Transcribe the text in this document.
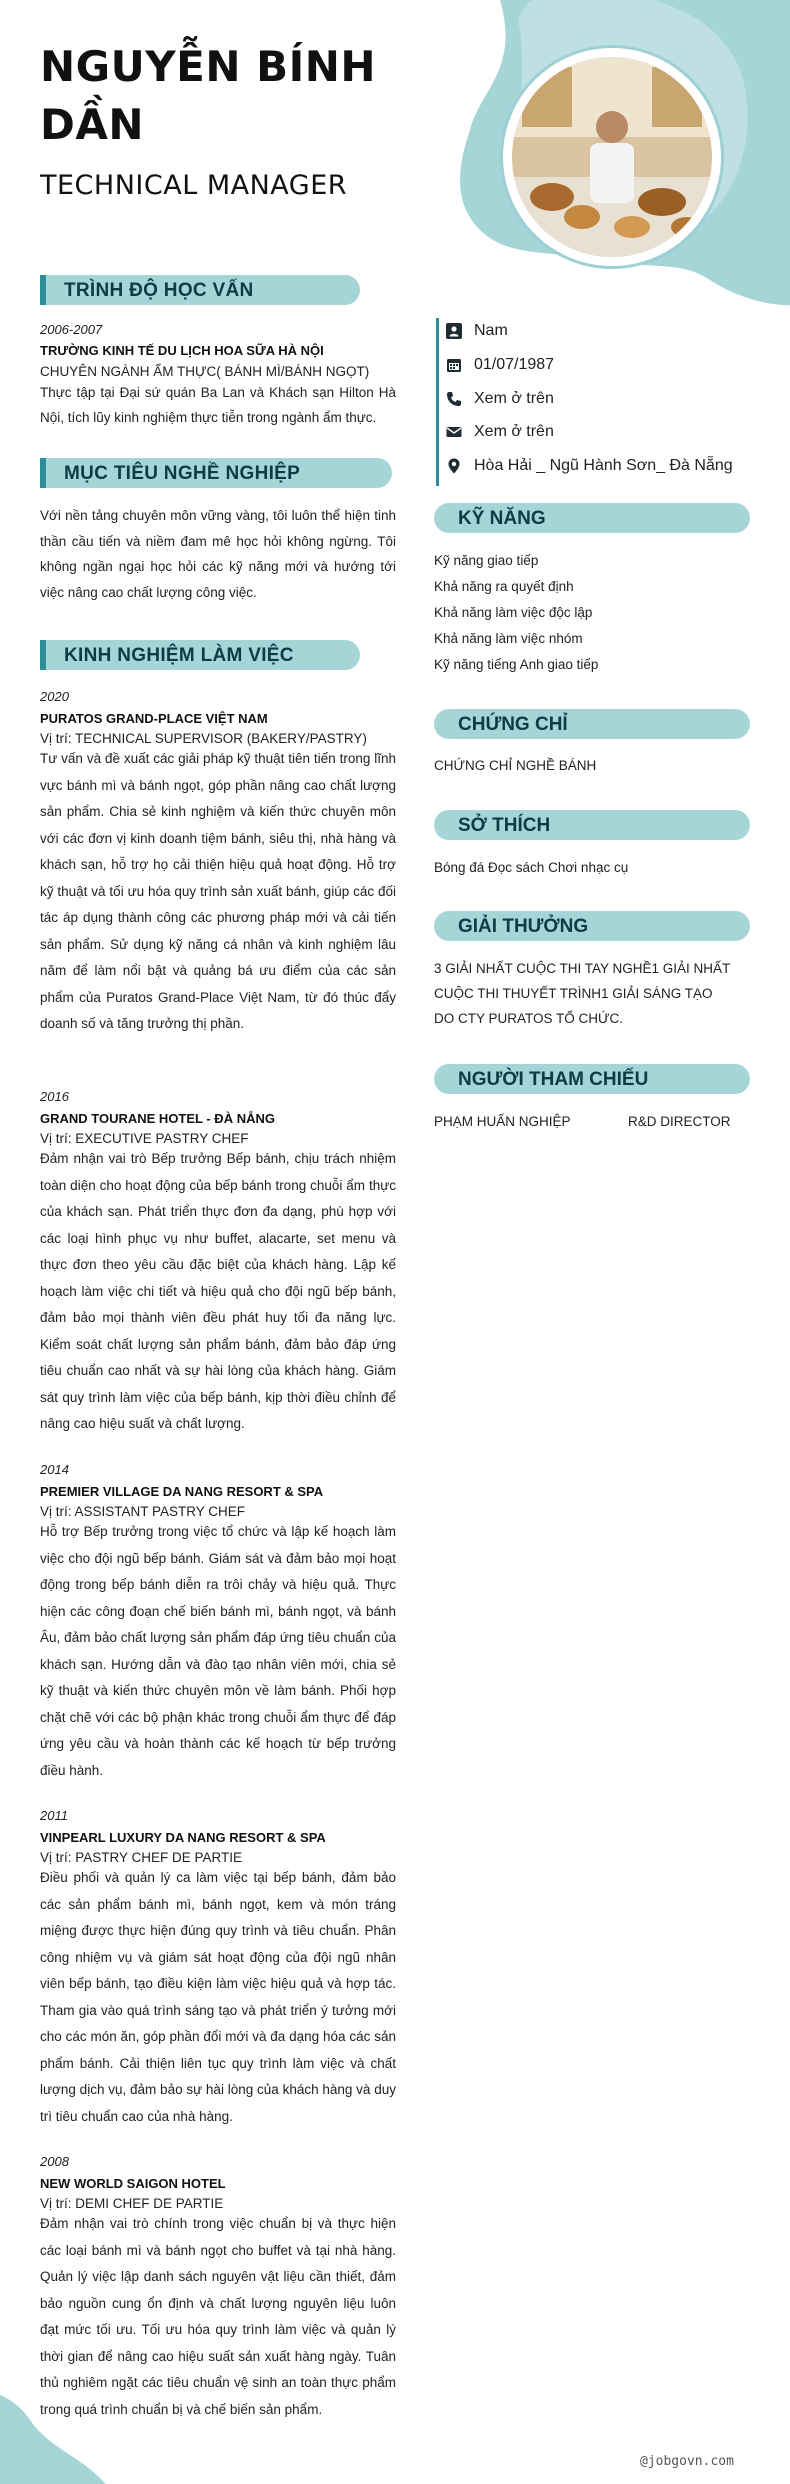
NGUYỄN BÍNH DẦN
TECHNICAL MANAGER
TRÌNH ĐỘ HỌC VẤN
2006-2007
TRƯỜNG KINH TẾ DU LỊCH HOA SỮA HÀ NỘI
CHUYÊN NGÀNH ẨM THỰC( BÁNH MÌ/BÁNH NGỌT)
Thực tập tại Đại sứ quán Ba Lan và Khách sạn Hilton Hà Nội, tích lũy kinh nghiệm thực tiễn trong ngành ẩm thực.
MỤC TIÊU NGHỀ NGHIỆP
Với nền tảng chuyên môn vững vàng, tôi luôn thể hiện tinh thần cầu tiến và niềm đam mê học hỏi không ngừng. Tôi không ngần ngại học hỏi các kỹ năng mới và hướng tới việc nâng cao chất lượng công việc.
KINH NGHIỆM LÀM VIỆC
2020
PURATOS GRAND-PLACE VIỆT NAM
Vị trí: TECHNICAL SUPERVISOR (BAKERY/PASTRY)
Tư vấn và đề xuất các giải pháp kỹ thuật tiên tiến trong lĩnh vực bánh mì và bánh ngọt, góp phần nâng cao chất lượng sản phẩm. Chia sẻ kinh nghiệm và kiến thức chuyên môn với các đơn vị kinh doanh tiệm bánh, siêu thị, nhà hàng và khách sạn, hỗ trợ họ cải thiện hiệu quả hoạt động. Hỗ trợ kỹ thuật và tối ưu hóa quy trình sản xuất bánh, giúp các đối tác áp dụng thành công các phương pháp mới và cải tiến sản phẩm. Sử dụng kỹ năng cá nhân và kinh nghiệm lâu năm để làm nổi bật và quảng bá ưu điểm của các sản phẩm của Puratos Grand-Place Việt Nam, từ đó thúc đẩy doanh số và tăng trưởng thị phần.
2016
GRAND TOURANE HOTEL - ĐÀ NẴNG
Vị trí: EXECUTIVE PASTRY CHEF
Đảm nhận vai trò Bếp trưởng Bếp bánh, chịu trách nhiệm toàn diện cho hoạt động của bếp bánh trong chuỗi ẩm thực của khách sạn. Phát triển thực đơn đa dạng, phù hợp với các loại hình phục vụ như buffet, alacarte, set menu và thực đơn theo yêu cầu đặc biệt của khách hàng. Lập kế hoạch làm việc chi tiết và hiệu quả cho đội ngũ bếp bánh, đảm bảo mọi thành viên đều phát huy tối đa năng lực. Kiểm soát chất lượng sản phẩm bánh, đảm bảo đáp ứng tiêu chuẩn cao nhất và sự hài lòng của khách hàng. Giám sát quy trình làm việc của bếp bánh, kịp thời điều chỉnh để nâng cao hiệu suất và chất lượng.
2014
PREMIER VILLAGE DA NANG RESORT & SPA
Vị trí: ASSISTANT PASTRY CHEF
Hỗ trợ Bếp trưởng trong việc tổ chức và lập kế hoạch làm việc cho đội ngũ bếp bánh. Giám sát và đảm bảo mọi hoạt động trong bếp bánh diễn ra trôi chảy và hiệu quả. Thực hiện các công đoạn chế biến bánh mì, bánh ngọt, và bánh Âu, đảm bảo chất lượng sản phẩm đáp ứng tiêu chuẩn của khách sạn. Hướng dẫn và đào tạo nhân viên mới, chia sẻ kỹ thuật và kiến thức chuyên môn về làm bánh. Phối hợp chặt chẽ với các bộ phận khác trong chuỗi ẩm thực để đáp ứng yêu cầu và hoàn thành các kế hoạch từ bếp trưởng điều hành.
2011
VINPEARL LUXURY DA NANG RESORT & SPA
Vị trí: PASTRY CHEF DE PARTIE
Điều phối và quản lý ca làm việc tại bếp bánh, đảm bảo các sản phẩm bánh mì, bánh ngọt, kem và món tráng miệng được thực hiện đúng quy trình và tiêu chuẩn. Phân công nhiệm vụ và giám sát hoạt động của đội ngũ nhân viên bếp bánh, tạo điều kiện làm việc hiệu quả và hợp tác. Tham gia vào quá trình sáng tạo và phát triển ý tưởng mới cho các món ăn, góp phần đổi mới và đa dạng hóa các sản phẩm bánh. Cải thiện liên tục quy trình làm việc và chất lượng dịch vụ, đảm bảo sự hài lòng của khách hàng và duy trì tiêu chuẩn cao của nhà hàng.
2008
NEW WORLD SAIGON HOTEL
Vị trí: DEMI CHEF DE PARTIE
Đảm nhận vai trò chính trong việc chuẩn bị và thực hiện các loại bánh mì và bánh ngọt cho buffet và tại nhà hàng. Quản lý việc lập danh sách nguyên vật liệu cần thiết, đảm bảo nguồn cung ổn định và chất lượng nguyên liệu luôn đạt mức tối ưu. Tối ưu hóa quy trình làm việc và quản lý thời gian để nâng cao hiệu suất sản xuất hàng ngày. Tuân thủ nghiêm ngặt các tiêu chuẩn vệ sinh an toàn thực phẩm trong quá trình chuẩn bị và chế biến sản phẩm.
Nam
01/07/1987
Xem ở trên
Xem ở trên
Hòa Hải _ Ngũ Hành Sơn_ Đà Nẵng
KỸ NĂNG
Kỹ năng giao tiếp
Khả năng ra quyết định
Khả năng làm việc độc lập
Khả năng làm việc nhóm
Kỹ năng tiếng Anh giao tiếp
CHỨNG CHỈ
CHỨNG CHỈ NGHỀ BÁNH
SỞ THÍCH
Bóng đá Đọc sách Chơi nhạc cụ
GIẢI THƯỞNG
3 GIẢI NHẤT CUỘC THI TAY NGHỀ1 GIẢI NHẤT CUỘC THI THUYẾT TRÌNH1 GIẢI SÁNG TẠO DO CTY PURATOS TỔ CHỨC.
NGƯỜI THAM CHIẾU
PHẠM HUẤN NGHIỆP	R&D DIRECTOR
@jobgovn.com
